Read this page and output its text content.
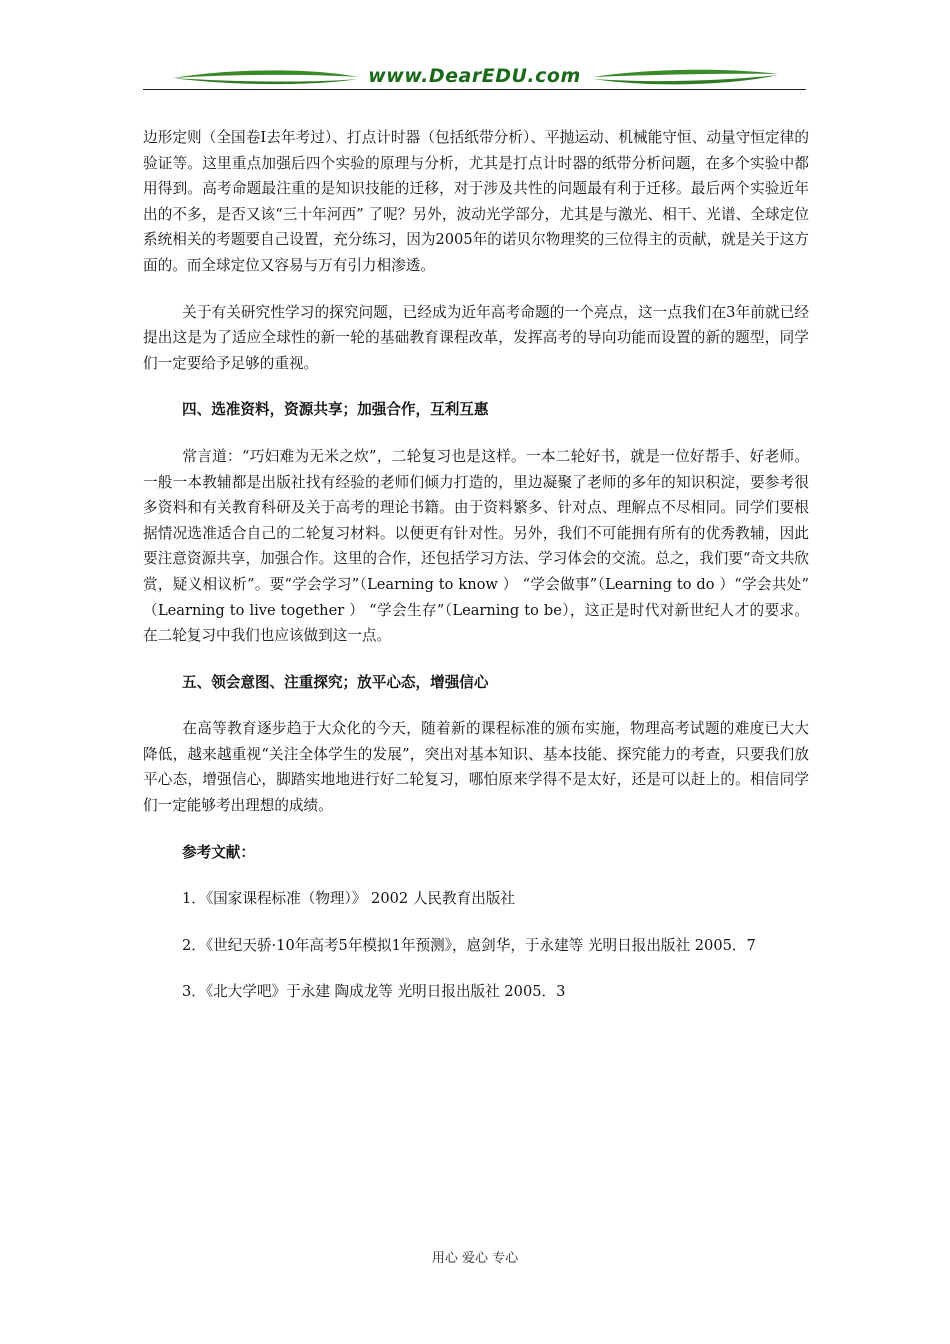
www.DearEDU.com

边形定则（全国卷Ⅰ去年考过）、打点计时器（包括纸带分析）、平抛运动、机械能守恒、动量守恒定律的验证等。这里重点加强后四个实验的原理与分析，尤其是打点计时器的纸带分析问题，在多个实验中都用得到。高考命题最注重的是知识技能的迁移，对于涉及共性的问题最有利于迁移。最后两个实验近年出的不多，是否又该“三十年河西” 了呢？另外，波动光学部分，尤其是与激光、相干、光谱、全球定位系统相关的考题要自己设置，充分练习，因为2005年的诺贝尔物理奖的三位得主的贡献，就是关于这方面的。而全球定位又容易与万有引力相渗透。

关于有关研究性学习的探究问题，已经成为近年高考命题的一个亮点，这一点我们在3年前就已经提出这是为了适应全球性的新一轮的基础教育课程改革，发挥高考的导向功能而设置的新的题型，同学们一定要给予足够的重视。

四、选准资料，资源共享；加强合作，互利互惠

常言道：“巧妇难为无米之炊”，二轮复习也是这样。一本二轮好书，就是一位好帮手、好老师。一般一本教辅都是出版社找有经验的老师们倾力打造的，里边凝聚了老师的多年的知识积淀，要参考很多资料和有关教育科研及关于高考的理论书籍。由于资料繁多、针对点、理解点不尽相同。同学们要根据情况选准适合自己的二轮复习材料。以便更有针对性。另外，我们不可能拥有所有的优秀教辅，因此要注意资源共享，加强合作。这里的合作，还包括学习方法、学习体会的交流。总之，我们要“奇文共欣赏，疑义相议析”。要“学会学习”（Learning to know ） “学会做事”（Learning to do ）“学会共处” （Learning to live together ） “学会生存”（Learning to be），这正是时代对新世纪人才的要求。在二轮复习中我们也应该做到这一点。

五、领会意图、注重探究；放平心态，增强信心

在高等教育逐步趋于大众化的今天，随着新的课程标准的颁布实施，物理高考试题的难度已大大降低，越来越重视“关注全体学生的发展”，突出对基本知识、基本技能、探究能力的考查，只要我们放平心态，增强信心，脚踏实地地进行好二轮复习，哪怕原来学得不是太好，还是可以赶上的。相信同学们一定能够考出理想的成绩。

参考文献：

1．《国家课程标准（物理）》 2002 人民教育出版社

2．《世纪天骄·10年高考5年模拟1年预测》，扈剑华，于永建等 光明日报出版社 2005．7

3．《北大学吧》于永建 陶成龙等 光明日报出版社 2005．3

用心 爱心 专心
